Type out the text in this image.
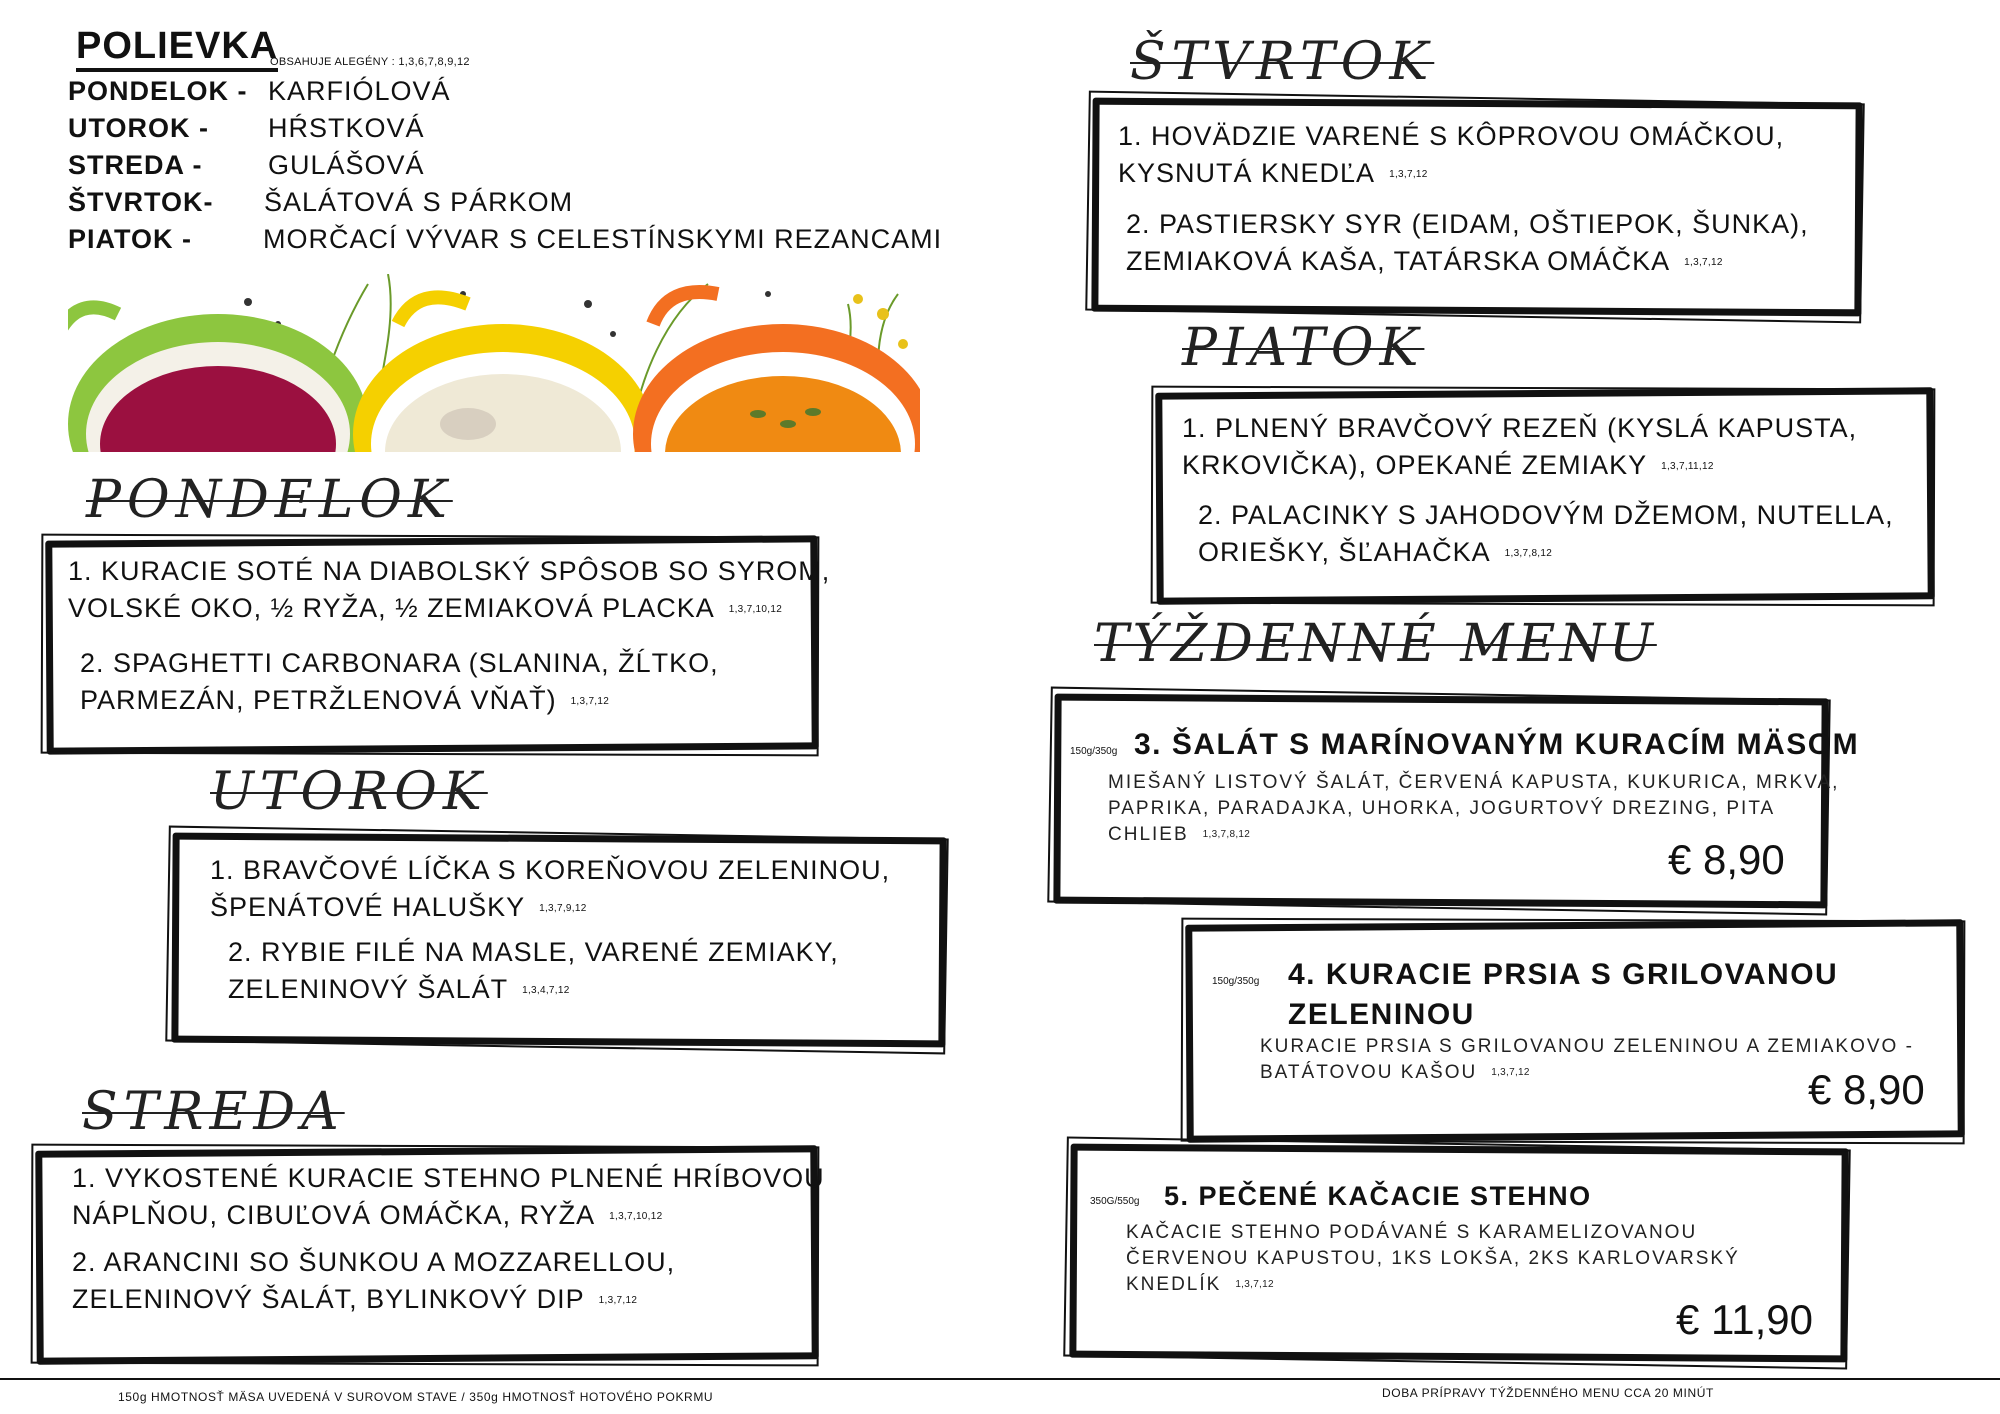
POLIEVKA
OBSAHUJE ALEGÉNY : 1,3,6,7,8,9,12
PONDELOK - KARFIÓLOVÁ
UTOROK - HŔSTKOVÁ
STREDA - GULÁŠOVÁ
ŠTVRTOK- ŠALÁTOVÁ S PÁRKOM
PIATOK -	MORČACÍ VÝVAR S CELESTÍNSKYMI REZANCAMI
PONDELOK
1. KURACIE SOTÉ NA DIABOLSKÝ SPÔSOB SO SYROM,
VOLSKÉ OKO, ½ RYŽA, ½ ZEMIAKOVÁ PLACKA 1,3,7,10,12
2. SPAGHETTI CARBONARA (SLANINA, ŽĹTKO,
PARMEZÁN, PETRŽLENOVÁ VŇAŤ) 1,3,7,12
UTOROK
1. BRAVČOVÉ LÍČKA S KOREŇOVOU ZELENINOU,
ŠPENÁTOVÉ HALUŠKY 1,3,7,9,12
2. RYBIE FILÉ NA MASLE, VARENÉ ZEMIAKY,
ZELENINOVÝ ŠALÁT 1,3,4,7,12
STREDA
1. VYKOSTENÉ KURACIE STEHNO PLNENÉ HRÍBOVOU
NÁPLŇOU, CIBUĽOVÁ OMÁČKA, RYŽA 1,3,7,10,12
2. ARANCINI SO ŠUNKOU A MOZZARELLOU,
ZELENINOVÝ ŠALÁT, BYLINKOVÝ DIP 1,3,7,12
ŠTVRTOK
1. HOVÄDZIE VARENÉ S KÔPROVOU OMÁČKOU,
KYSNUTÁ KNEDĽA 1,3,7,12
2. PASTIERSKY SYR (EIDAM, OŠTIEPOK, ŠUNKA),
ZEMIAKOVÁ KAŠA, TATÁRSKA OMÁČKA 1,3,7,12
PIATOK
1. PLNENÝ BRAVČOVÝ REZEŇ (KYSLÁ KAPUSTA,
KRKOVIČKA), OPEKANÉ ZEMIAKY 1,3,7,11,12
2. PALACINKY S JAHODOVÝM DŽEMOM, NUTELLA,
ORIEŠKY, ŠĽAHAČKA 1,3,7,8,12
TÝŽDENNÉ MENU
150g/350g 3. ŠALÁT S MARÍNOVANÝM KURACÍM MÄSOM
MIEŠANÝ LISTOVÝ ŠALÁT, ČERVENÁ KAPUSTA, KUKURICA, MRKVA,
PAPRIKA, PARADAJKA, UHORKA, JOGURTOVÝ DREZING, PITA
CHLIEB 1,3,7,8,12
€ 8,90
150g/350g 4. KURACIE PRSIA S GRILOVANOU
ZELENINOU
KURACIE PRSIA S GRILOVANOU ZELENINOU A ZEMIAKOVO -
BATÁTOVOU KAŠOU 1,3,7,12	€ 8,90
350G/550g 5. PEČENÉ KAČACIE STEHNO
KAČACIE STEHNO PODÁVANÉ S KARAMELIZOVANOU
ČERVENOU KAPUSTOU, 1KS LOKŠA, 2KS KARLOVARSKÝ
KNEDLÍK 1,3,7,12
€ 11,90
150g HMOTNOSŤ MÄSA UVEDENÁ V SUROVOM STAVE / 350g HMOTNOSŤ HOTOVÉHO POKRMU	DOBA PRÍPRAVY TÝŽDENNÉHO MENU CCA 20 MINÚT
